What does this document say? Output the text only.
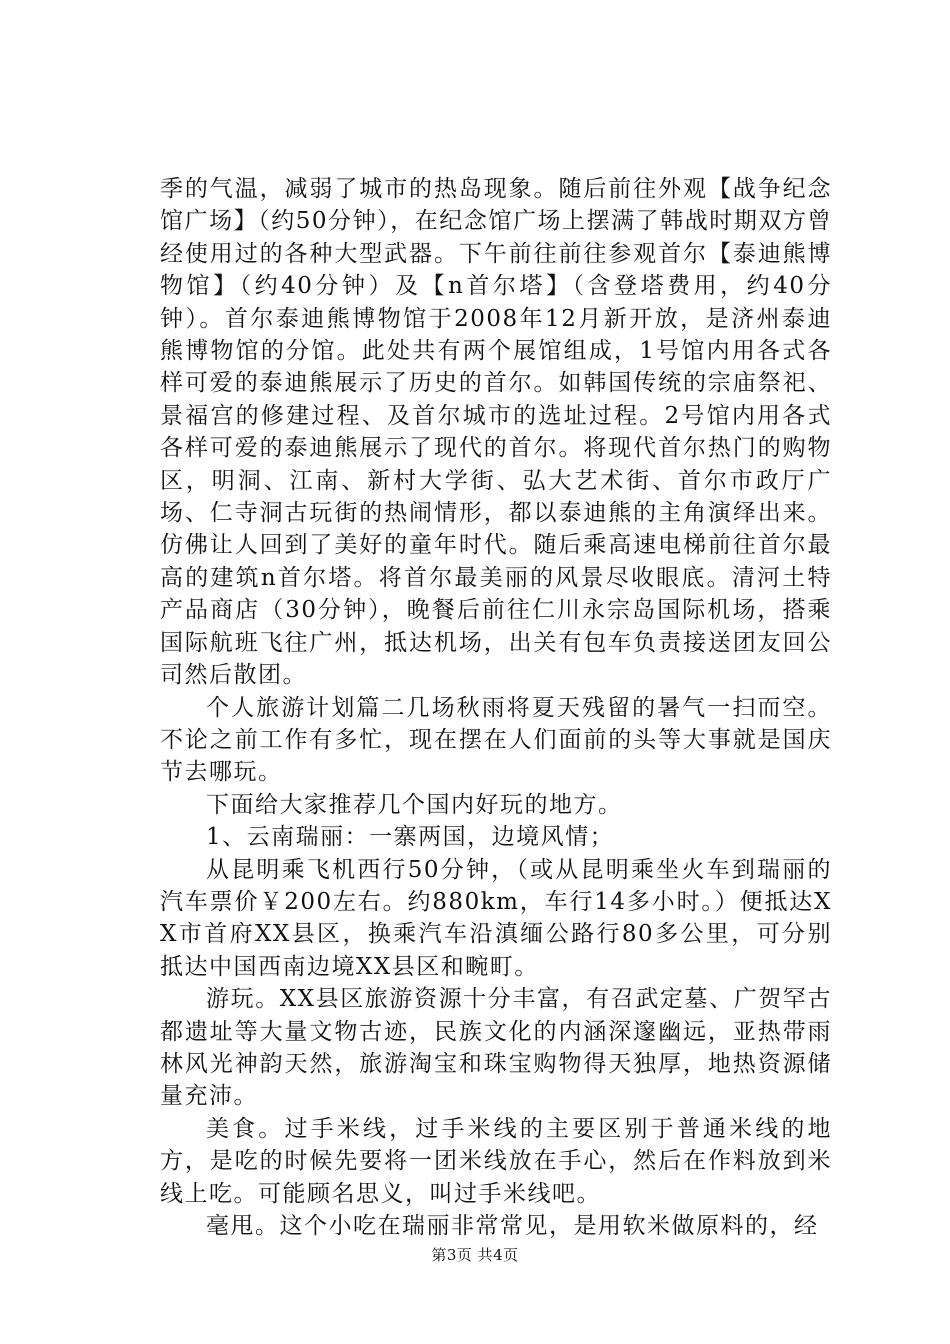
季的气温，减弱了城市的热岛现象。随后前往外观【战争纪念馆广场】（约50分钟），在纪念馆广场上摆满了韩战时期双方曾经使用过的各种大型武器。下午前往前往参观首尔【泰迪熊博物馆】（约40分钟）及【n首尔塔】（含登塔费用，约40分钟）。首尔泰迪熊博物馆于2008年12月新开放，是济州泰迪熊博物馆的分馆。此处共有两个展馆组成，1号馆内用各式各样可爱的泰迪熊展示了历史的首尔。如韩国传统的宗庙祭祀、景福宫的修建过程、及首尔城市的选址过程。2号馆内用各式各样可爱的泰迪熊展示了现代的首尔。将现代首尔热门的购物区，明洞、江南、新村大学街、弘大艺术街、首尔市政厅广场、仁寺洞古玩街的热闹情形，都以泰迪熊的主角演绎出来。仿佛让人回到了美好的童年时代。随后乘高速电梯前往首尔最高的建筑n首尔塔。将首尔最美丽的风景尽收眼底。清河土特产品商店（30分钟），晚餐后前往仁川永宗岛国际机场，搭乘国际航班飞往广州，抵达机场，出关有包车负责接送团友回公司然后散团。

个人旅游计划篇二几场秋雨将夏天残留的暑气一扫而空。不论之前工作有多忙，现在摆在人们面前的头等大事就是国庆节去哪玩。

下面给大家推荐几个国内好玩的地方。

1、云南瑞丽：一寨两国，边境风情；

从昆明乘飞机西行50分钟，（或从昆明乘坐火车到瑞丽的汽车票价￥200左右。约880km，车行14多小时。）便抵达XX市首府XX县区，换乘汽车沿滇缅公路行80多公里，可分别抵达中国西南边境XX县区和畹町。

游玩。XX县区旅游资源十分丰富，有召武定墓、广贺罕古都遗址等大量文物古迹，民族文化的内涵深邃幽远，亚热带雨林风光神韵天然，旅游淘宝和珠宝购物得天独厚，地热资源储量充沛。

美食。过手米线，过手米线的主要区别于普通米线的地方，是吃的时候先要将一团米线放在手心，然后在作料放到米线上吃。可能顾名思义，叫过手米线吧。

毫甩。这个小吃在瑞丽非常常见，是用软米做原料的，经

第3页 共4页
